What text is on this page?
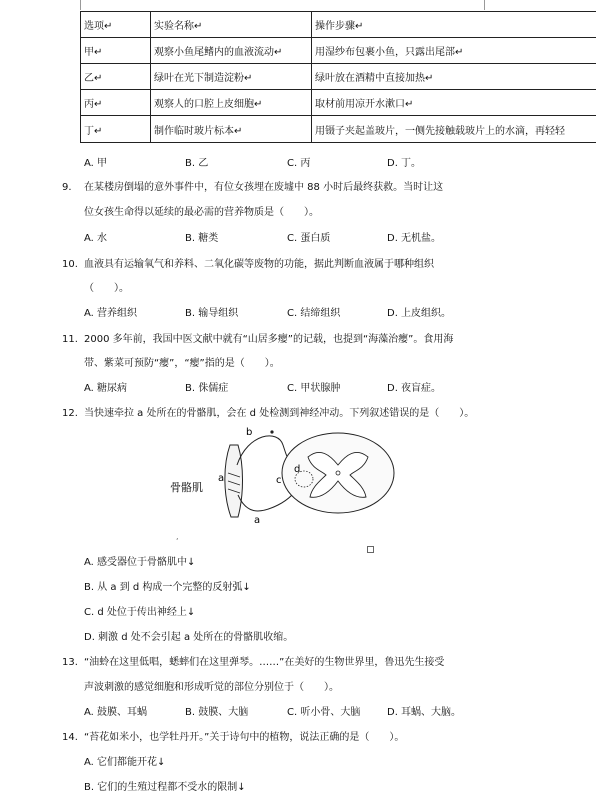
选项↵	实验名称↵	操作步骤↵
甲↵	观察小鱼尾鳍内的血液流动↵	用湿纱布包裹小鱼，只露出尾部↵
乙↵	绿叶在光下制造淀粉↵	绿叶放在酒精中直接加热↵
丙↵	观察人的口腔上皮细胞↵	取材前用凉开水漱口↵
丁↵	制作临时玻片标本↵	用镊子夹起盖玻片，一侧先接触载玻片上的水滴，再轻轻
A. 甲	B. 乙	C. 丙	D. 丁。
9. 在某楼房倒塌的意外事件中，有位女孩埋在废墟中 88 小时后最终获救。当时让这
位女孩生命得以延续的最必需的营养物质是（　　）。
A. 水	B. 糖类	C. 蛋白质	D. 无机盐。
10. 血液具有运输氧气和养料、二氧化碳等废物的功能，据此判断血液属于哪种组织
（　　）。
A. 营养组织	B. 输导组织	C. 结缔组织	D. 上皮组织。
11. 2000 多年前，我国中医文献中就有“山居多瘿”的记载，也提到“海藻治瘿”。食用海
带、紫菜可预防“瘿”，“瘿”指的是（　　）。
A. 糖尿病	B. 侏儒症	C. 甲状腺肿	D. 夜盲症。
12. 当快速牵拉 a 处所在的骨骼肌，会在 d 处检测到神经冲动。下列叙述错误的是（　　）。
骨骼肌
a
b
c
d
a
,
A. 感受器位于骨骼肌中↓
B. 从 a 到 d 构成一个完整的反射弧↓
C. d 处位于传出神经上↓
D. 刺激 d 处不会引起 a 处所在的骨骼肌收缩。
13. “油蛉在这里低唱，蟋蟀们在这里弹琴。……”在美好的生物世界里，鲁迅先生接受
声波刺激的感觉细胞和形成听觉的部位分别位于（　　）。
A. 鼓膜、耳蜗	B. 鼓膜、大脑	C. 听小骨、大脑	D. 耳蜗、大脑。
14. “苔花如米小，也学牡丹开。”关于诗句中的植物，说法正确的是（　　）。
A. 它们都能开花↓
B. 它们的生殖过程都不受水的限制↓
